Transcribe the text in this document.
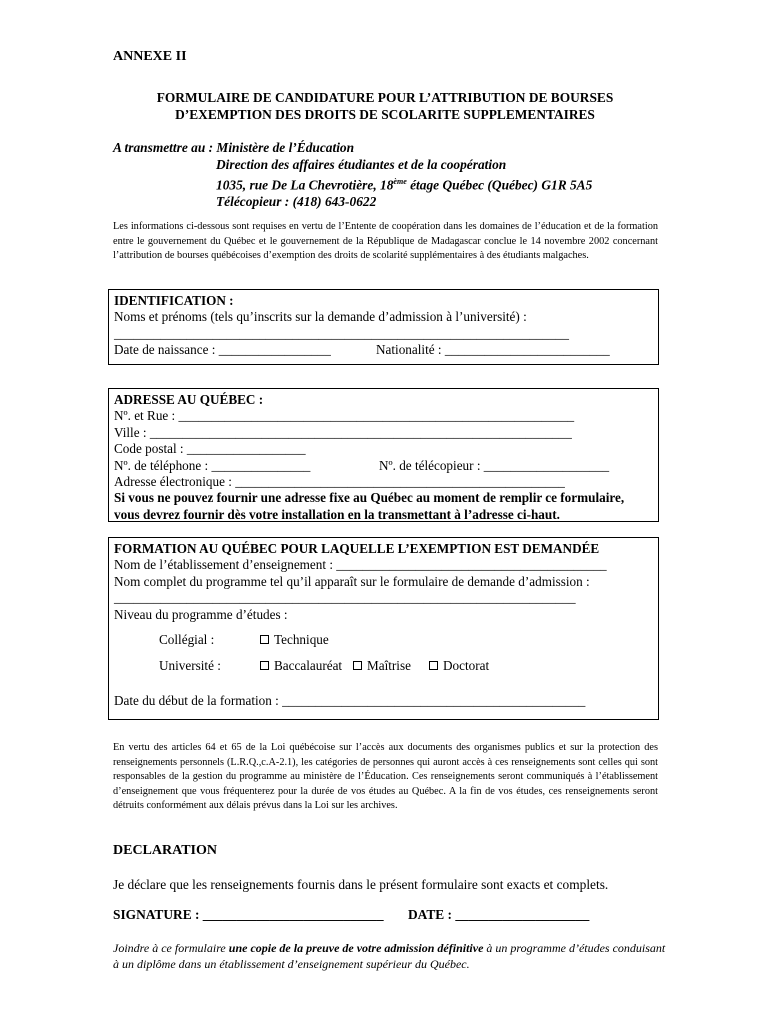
ANNEXE II
FORMULAIRE DE CANDIDATURE POUR L’ATTRIBUTION DE BOURSES
D’EXEMPTION DES DROITS DE SCOLARITE SUPPLEMENTAIRES
A transmettre au : Ministère de l’Éducation
Direction des affaires étudiantes et de la coopération
1035, rue De La Chevrotière, 18ème étage Québec (Québec) G1R 5A5
Télécopieur : (418) 643-0622
Les informations ci-dessous sont requises en vertu de l’Entente de coopération dans les domaines de l’éducation et de la formation entre le gouvernement du Québec et le gouvernement de la République de Madagascar conclue le 14 novembre 2002 concernant l’attribution de bourses québécoises d’exemption des droits de scolarité supplémentaires à des étudiants malgaches.
IDENTIFICATION :
Noms et prénoms (tels qu’inscrits sur la demande d’admission à l’université) :
_____________________________________________________________________
Date de naissance : _________________	Nationalité : _________________________
ADRESSE AU QUÉBEC :
Nº. et Rue : ____________________________________________________________
Ville : ________________________________________________________________
Code postal : __________________
Nº. de téléphone : _______________	Nº. de télécopieur : ___________________
Adresse électronique : __________________________________________________
Si vous ne pouvez fournir une adresse fixe au Québec au moment de remplir ce formulaire,
vous devrez fournir dès votre installation en la transmettant à l’adresse ci-haut.
FORMATION AU QUÉBEC POUR LAQUELLE L’EXEMPTION EST DEMANDÉE
Nom de l’établissement d’enseignement : _________________________________________
Nom complet du programme tel qu’il apparaît sur le formulaire de demande d’admission :
______________________________________________________________________
Niveau du programme d’études :
Collégial :	Technique
Université :	Baccalauréat	Maîtrise	Doctorat
Date du début de la formation : ______________________________________________
En vertu des articles 64 et 65 de la Loi québécoise sur l’accès aux documents des organismes publics et sur la protection des renseignements personnels (L.R.Q.,c.A-2.1), les catégories de personnes qui auront accès à ces renseignements sont celles qui sont responsables de la gestion du programme au ministère de l’Éducation. Ces renseignements seront communiqués à l’établissement d’enseignement que vous fréquenterez pour la durée de vos études au Québec. A la fin de vos études, ces renseignements seront détruits conformément aux délais prévus dans la Loi sur les archives.
DECLARATION
Je déclare que les renseignements fournis dans le présent formulaire sont exacts et complets.
SIGNATURE : ___________________________ DATE : ____________________
Joindre à ce formulaire une copie de la preuve de votre admission définitive à un programme d’études conduisant à un diplôme dans un établissement d’enseignement supérieur du Québec.
